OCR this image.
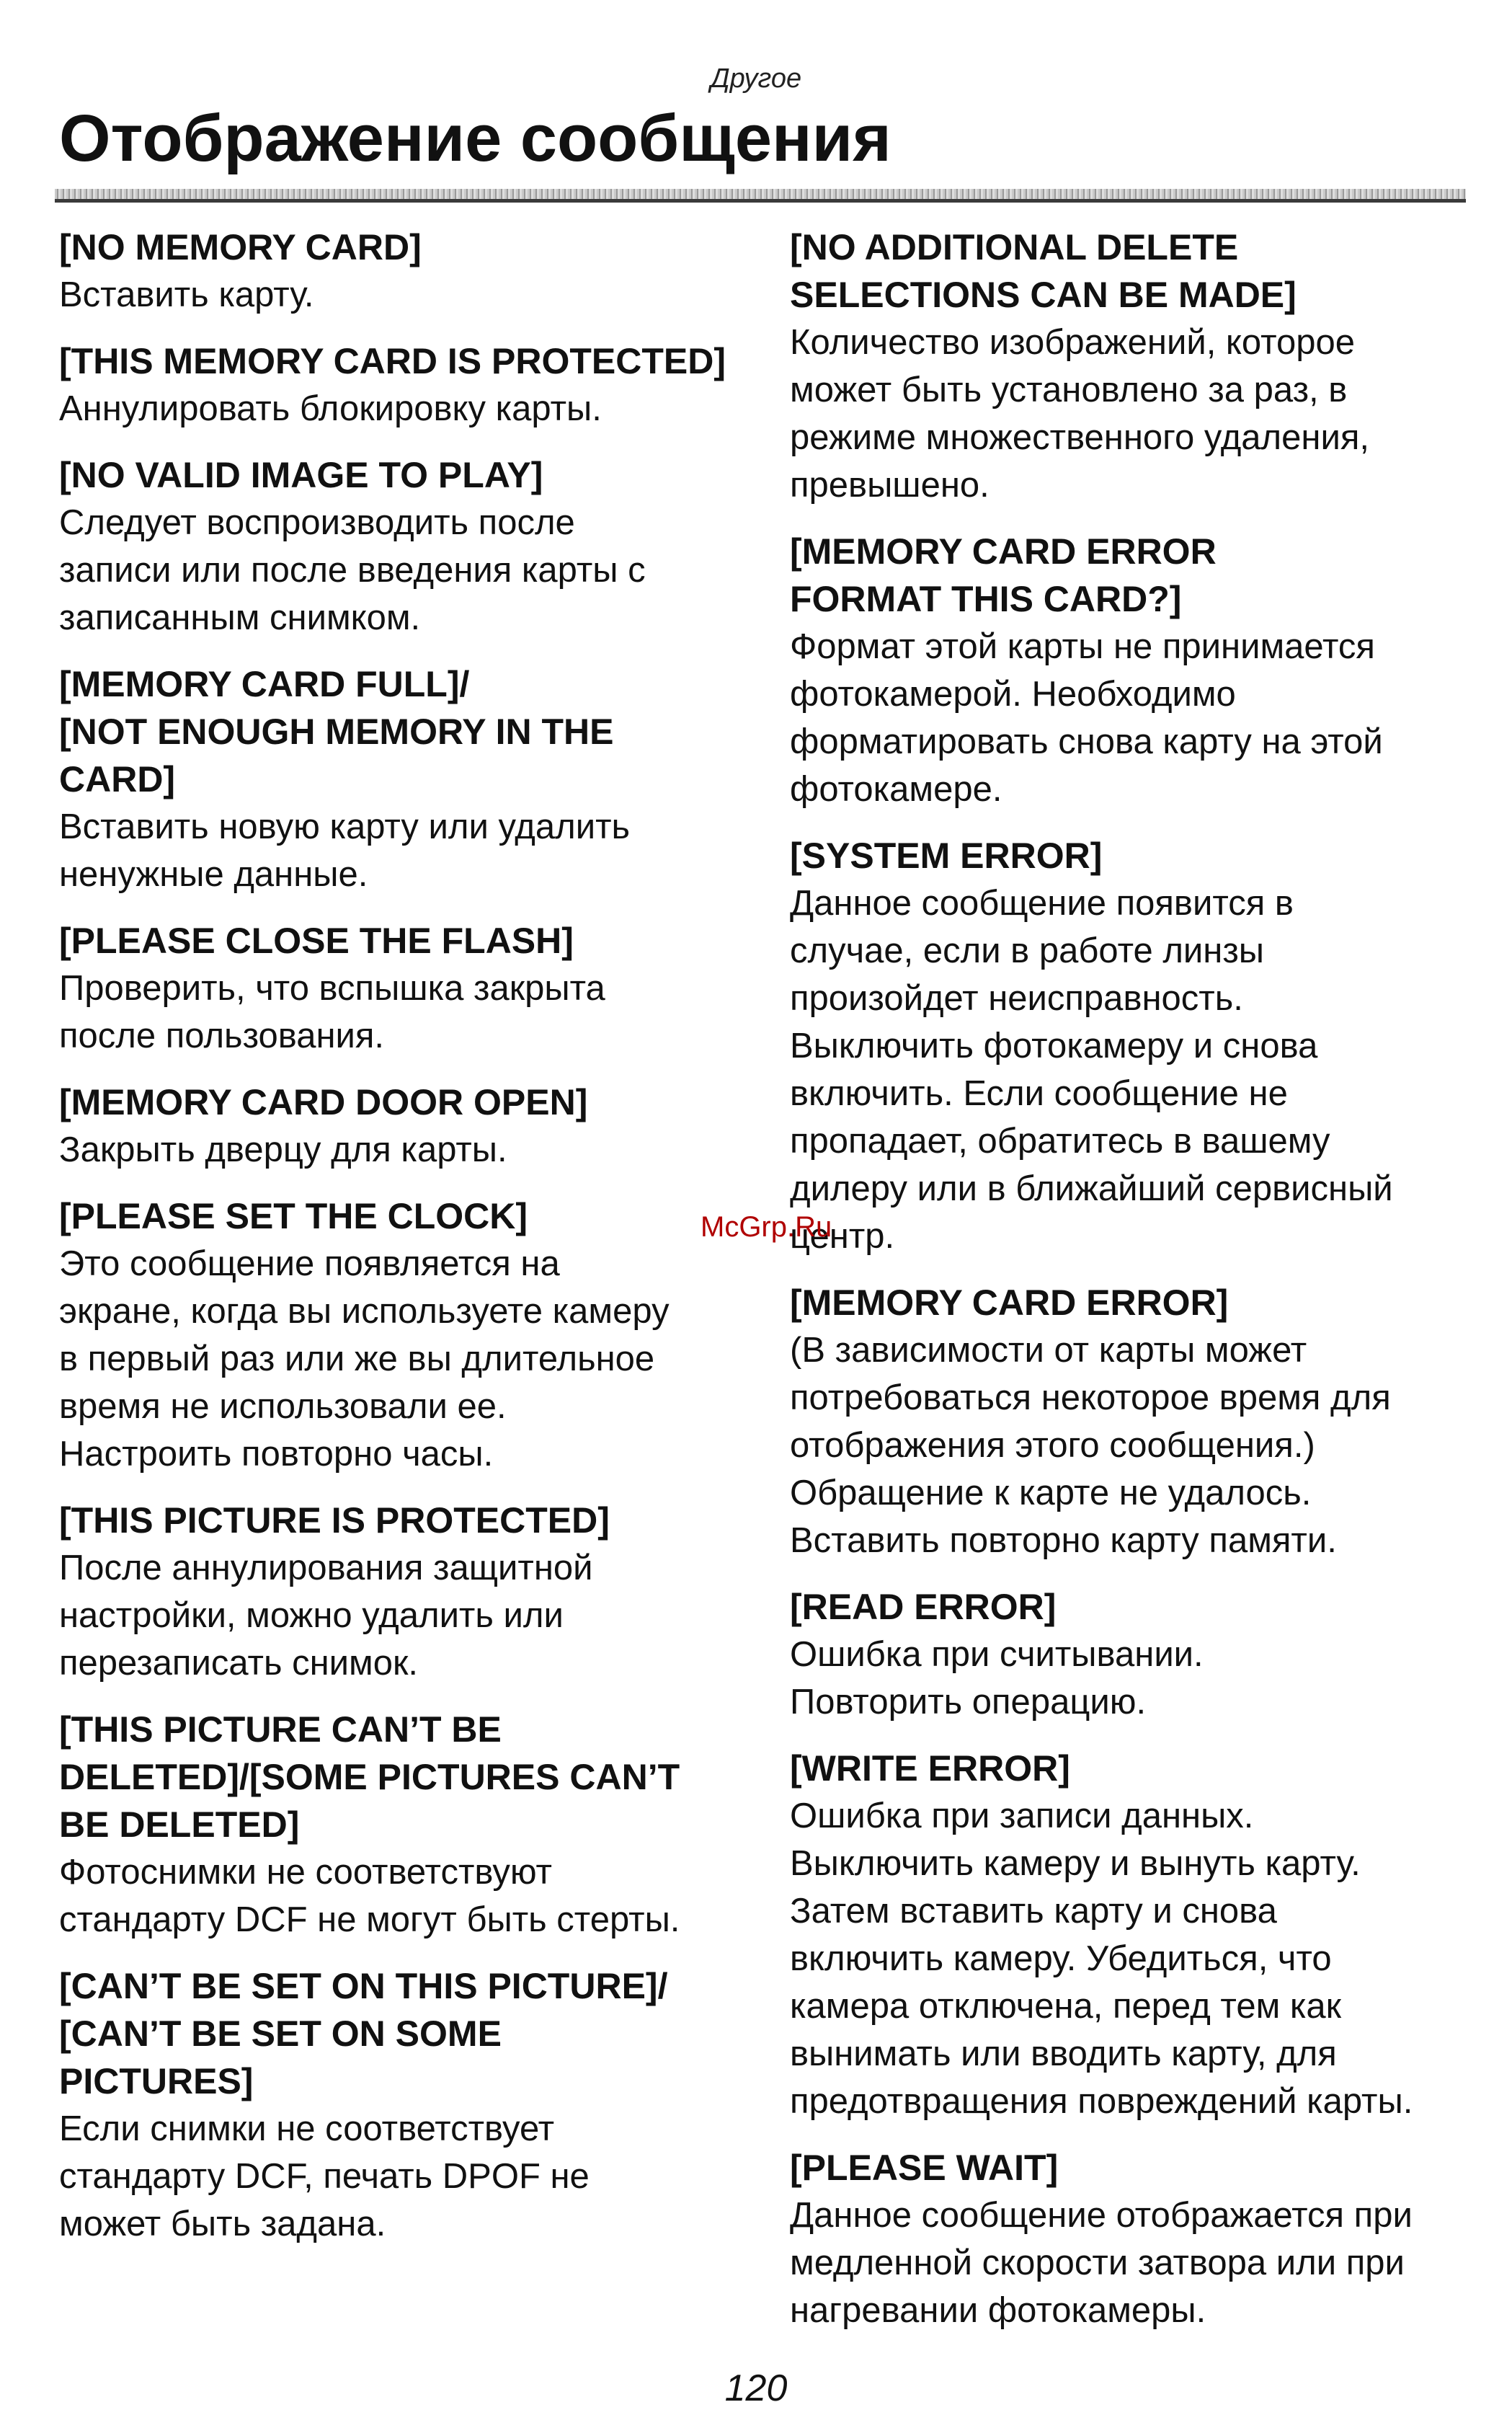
Другое
Отображение сообщения
[NO MEMORY CARD]
Вставить карту.
[THIS MEMORY CARD IS PROTECTED]
Аннулировать блокировку карты.
[NO VALID IMAGE TO PLAY]
Следует воспроизводить после
записи или после введения карты с
записанным снимком.
[MEMORY CARD FULL]/
[NOT ENOUGH MEMORY IN THE
CARD]
Вставить новую карту или удалить
ненужные данные.
[PLEASE CLOSE THE FLASH]
Проверить, что вспышка закрыта
после пользования.
[MEMORY CARD DOOR OPEN]
Закрыть дверцу для карты.
[PLEASE SET THE CLOCK]
Это сообщение появляется на
экране, когда вы используете камеру
в первый раз или же вы длительное
время не использовали ее.
Настроить повторно часы.
[THIS PICTURE IS PROTECTED]
После аннулирования защитной
настройки, можно удалить или
перезаписать снимок.
[THIS PICTURE CAN’T BE
DELETED]/[SOME PICTURES CAN’T
BE DELETED]
Фотоснимки не соответствуют
стандарту DCF не могут быть стерты.
[CAN’T BE SET ON THIS PICTURE]/
[CAN’T BE SET ON SOME
PICTURES]
Если снимки не соответствует
стандарту DCF, печать DPOF не
может быть задана.
[NO ADDITIONAL DELETE
SELECTIONS CAN BE MADE]
Количество изображений, которое
может быть установлено за раз, в
режиме множественного удаления,
превышено.
[MEMORY CARD ERROR
FORMAT THIS CARD?]
Формат этой карты не принимается
фотокамерой. Необходимо
форматировать снова карту на этой
фотокамере.
[SYSTEM ERROR]
Данное сообщение появится в
случае, если в работе линзы
произойдет неисправность.
Выключить фотокамеру и снова
включить. Если сообщение не
пропадает, обратитесь в вашему
дилеру или в ближайший сервисный
центр.
[MEMORY CARD ERROR]
(В зависимости от карты может
потребоваться некоторое время для
отображения этого сообщения.)
Обращение к карте не удалось.
Вставить повторно карту памяти.
[READ ERROR]
Ошибка при считывании.
Повторить операцию.
[WRITE ERROR]
Ошибка при записи данных.
Выключить камеру и вынуть карту.
Затем вставить карту и снова
включить камеру. Убедиться, что
камера отключена, перед тем как
вынимать или вводить карту, для
предотвращения повреждений карты.
[PLEASE WAIT]
Данное сообщение отображается при
медленной скорости затвора или при
нагревании фотокамеры.
McGrp.Ru
120
